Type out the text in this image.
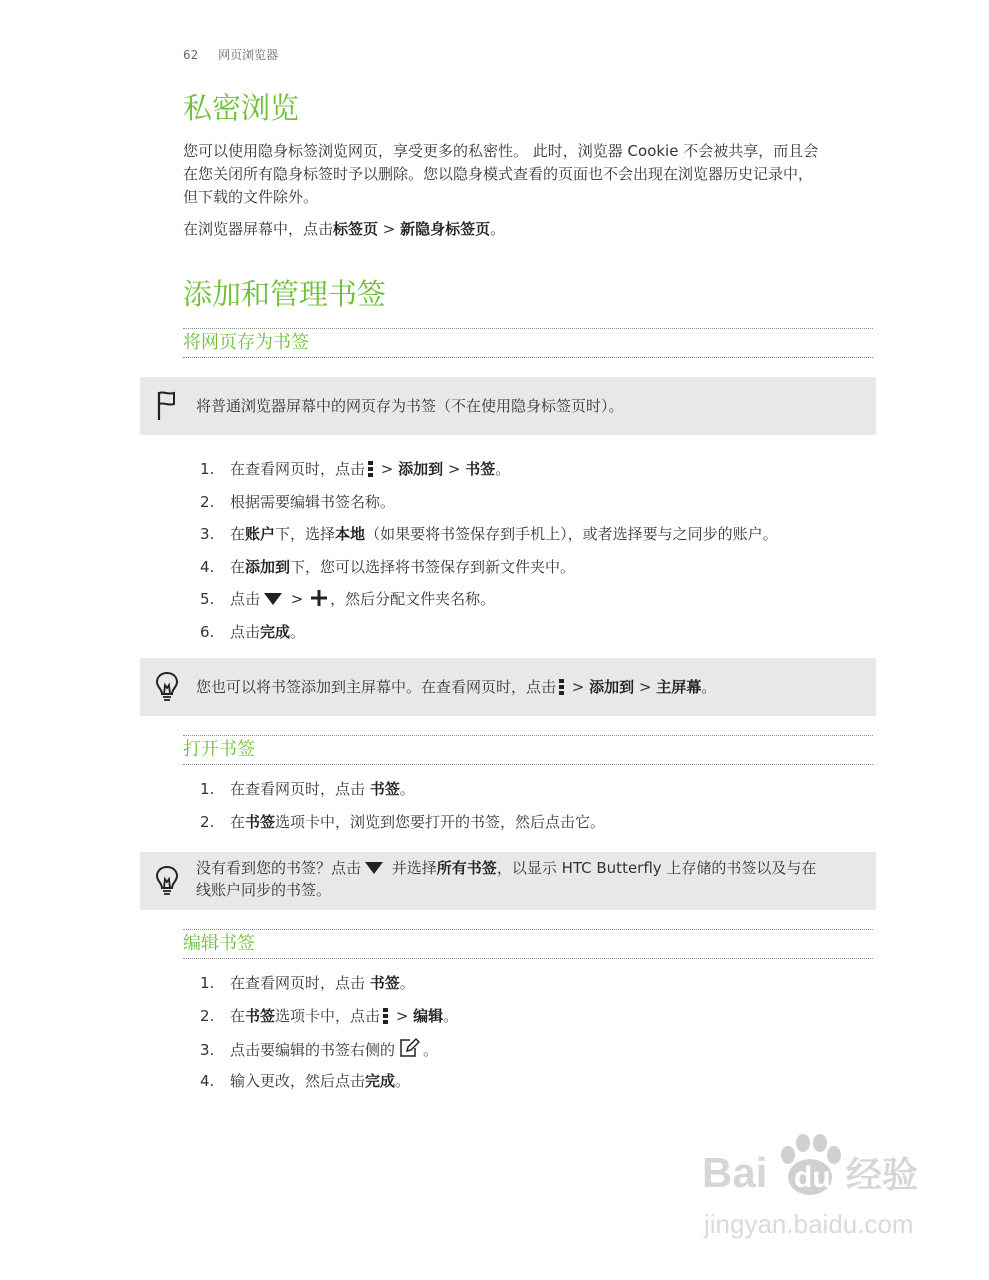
62 网页浏览器
私密浏览
您可以使用隐身标签浏览网页，享受更多的私密性。 此时，浏览器 Cookie 不会被共享，而且会
在您关闭所有隐身标签时予以删除。您以隐身模式查看的页面也不会出现在浏览器历史记录中，
但下载的文件除外。
在浏览器屏幕中，点击标签页 > 新隐身标签页。
添加和管理书签
将网页存为书签
将普通浏览器屏幕中的网页存为书签（不在使用隐身标签页时）。
1. 在查看网页时，点击
> 添加到 > 书签。
2. 根据需要编辑书签名称。
3. 在账户下，选择本地（如果要将书签保存到手机上），或者选择要与之同步的账户。
4. 在添加到下，您可以选择将书签保存到新文件夹中。
5. 点击 > ，然后分配文件夹名称。
6. 点击完成。
您也可以将书签添加到主屏幕中。在查看网页时，点击
> 添加到 > 主屏幕。
打开书签
1. 在查看网页时，点击 书签。
2. 在书签选项卡中，浏览到您要打开的书签，然后点击它。
没有看到您的书签？点击 并选择所有书签，以显示 HTC Butterfly 上存储的书签以及与在
线账户同步的书签。
编辑书签
1. 在查看网页时，点击 书签。
2. 在书签选项卡中，点击
> 编辑。
3. 点击要编辑的书签右侧的 。
4. 输入更改，然后点击完成。
Bai du 经验
jingyan.baidu.com
